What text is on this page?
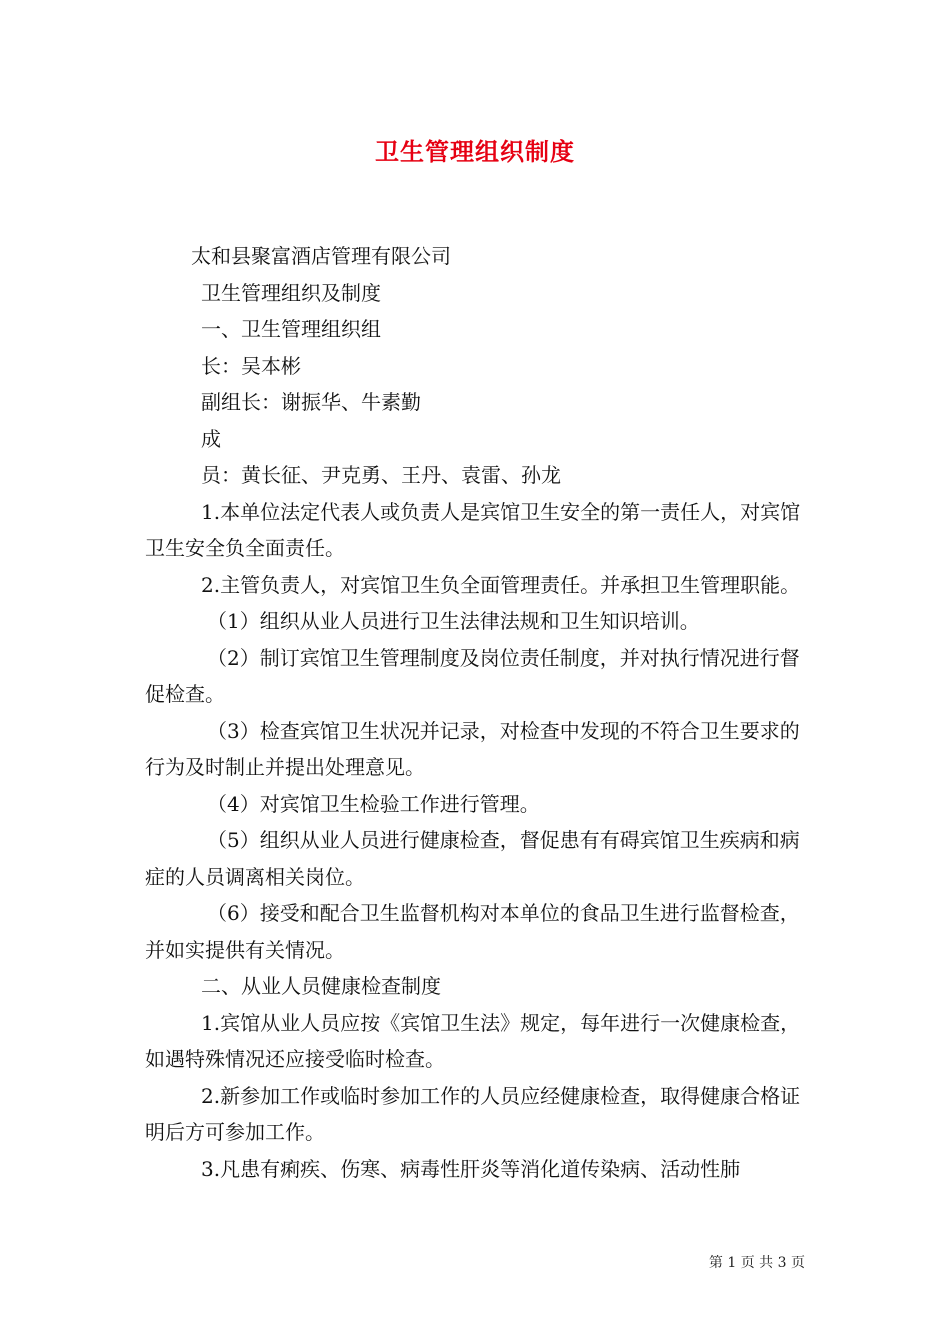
卫生管理组织制度

太和县聚富酒店管理有限公司

卫生管理组织及制度

一、卫生管理组织组

长：吴本彬

副组长：谢振华、牛素勤

成

员：黄长征、尹克勇、王丹、袁雷、孙龙

1.本单位法定代表人或负责人是宾馆卫生安全的第一责任人，对宾馆卫生安全负全面责任。

2.主管负责人，对宾馆卫生负全面管理责任。并承担卫生管理职能。

（1）组织从业人员进行卫生法律法规和卫生知识培训。

（2）制订宾馆卫生管理制度及岗位责任制度，并对执行情况进行督促检查。

（3）检查宾馆卫生状况并记录，对检查中发现的不符合卫生要求的行为及时制止并提出处理意见。

（4）对宾馆卫生检验工作进行管理。

（5）组织从业人员进行健康检查，督促患有有碍宾馆卫生疾病和病症的人员调离相关岗位。

（6）接受和配合卫生监督机构对本单位的食品卫生进行监督检查，并如实提供有关情况。

二、从业人员健康检查制度

1.宾馆从业人员应按《宾馆卫生法》规定，每年进行一次健康检查，如遇特殊情况还应接受临时检查。

2.新参加工作或临时参加工作的人员应经健康检查，取得健康合格证明后方可参加工作。

3.凡患有痢疾、伤寒、病毒性肝炎等消化道传染病、活动性肺

第 1 页 共 3 页
